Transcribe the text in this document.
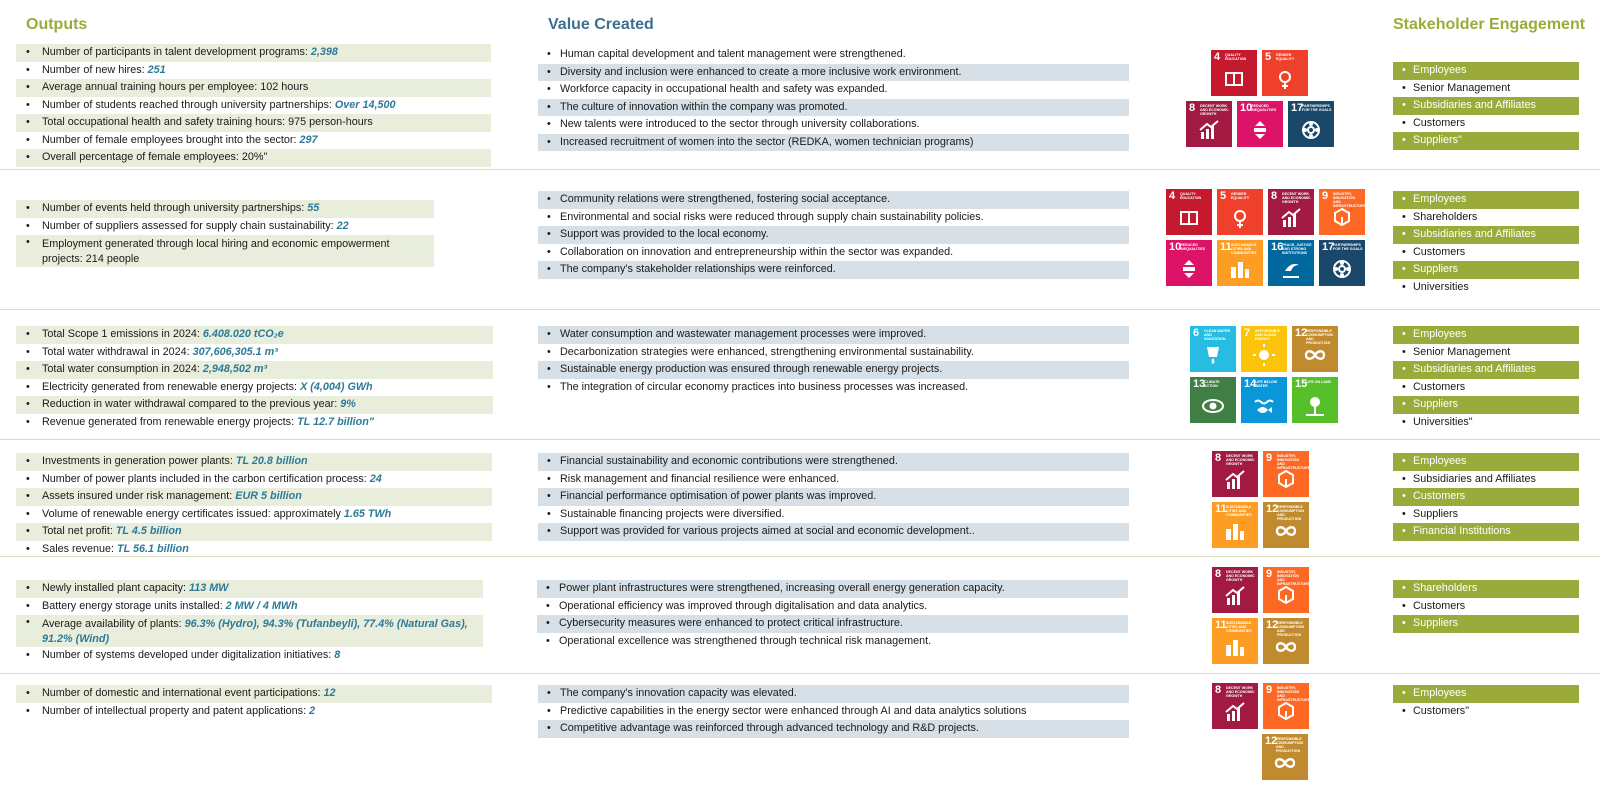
Outputs	Value Created	Stakeholder Engagement
• Number of participants in talent development programs: 2,398
• Number of new hires: 251
• Average annual training hours per employee: 102 hours
• Number of students reached through university partnerships: Over 14,500
• Total occupational health and safety training hours: 975 person-hours
• Number of female employees brought into the sector: 297
• Overall percentage of female employees: 20%"
• Human capital development and talent management were strengthened.
• Diversity and inclusion were enhanced to create a more inclusive work environment.
• Workforce capacity in occupational health and safety was expanded.
• The culture of innovation within the company was promoted.
• New talents were introduced to the sector through university collaborations.
• Increased recruitment of women into the sector (REDKA, women technician programs)
4	QUALITY EDUCATION	5	GENDER EQUALITY
8	DECENT WORK AND ECONOMIC GROWTH	10
REDUCED INEQUALITIES	17
PARTNERSHIPS FOR THE GOALS
• Employees
• Senior Management
• Subsidiaries and Affiliates
• Customers
• Suppliers"
• Number of events held through university partnerships: 55
• Number of suppliers assessed for supply chain sustainability: 22
• Employment generated through local hiring and economic empowerment projects: 214 people
• Community relations were strengthened, fostering social acceptance.
• Environmental and social risks were reduced through supply chain sustainability policies.
• Support was provided to the local economy.
• Collaboration on innovation and entrepreneurship within the sector was expanded.
• The company's stakeholder relationships were reinforced.
4	QUALITY EDUCATION	5	GENDER EQUALITY	8	DECENT WORK AND ECONOMIC GROWTH	9	INDUSTRY, INNOVATION AND INFRASTRUCTURE
10
REDUCED INEQUALITIES	11 SUSTAINABLE CITIES AND COMMUNITIES	16
PEACE, JUSTICE AND STRONG INSTITUTIONS	17
PARTNERSHIPS FOR THE GOALS
• Employees
• Shareholders
• Subsidiaries and Affiliates
• Customers
• Suppliers
• Universities
• Total Scope 1 emissions in 2024: 6.408.020 tCO₂e
• Total water withdrawal in 2024: 307,606,305.1 m³
• Total water consumption in 2024: 2,948,502 m³
• Electricity generated from renewable energy projects: X (4,004) GWh
• Reduction in water withdrawal compared to the previous year: 9%
• Revenue generated from renewable energy projects: TL 12.7 billion"
• Water consumption and wastewater management processes were improved.
• Decarbonization strategies were enhanced, strengthening environmental sustainability.
• Sustainable energy production was ensured through renewable energy projects.
• The integration of circular economy practices into business processes was increased.
6	CLEAN WATER AND SANITATION	7	AFFORDABLE AND CLEAN ENERGY	12
RESPONSIBLE CONSUMPTION AND PRODUCTION
13
CLIMATE ACTION	14
LIFE BELOW WATER	15
LIFE ON LAND
• Employees
• Senior Management
• Subsidiaries and Affiliates
• Customers
• Suppliers
• Universities"
• Investments in generation power plants: TL 20.8 billion
• Number of power plants included in the carbon certification process: 24
• Assets insured under risk management: EUR 5 billion
• Volume of renewable energy certificates issued: approximately 1.65 TWh
• Total net profit: TL 4.5 billion
• Sales revenue: TL 56.1 billion
• Financial sustainability and economic contributions were strengthened.
• Risk management and financial resilience were enhanced.
• Financial performance optimisation of power plants was improved.
• Sustainable financing projects were diversified.
• Support was provided for various projects aimed at social and economic development..
8	DECENT WORK AND ECONOMIC GROWTH	9	INDUSTRY, INNOVATION AND INFRASTRUCTURE
11 SUSTAINABLE CITIES AND COMMUNITIES	12
RESPONSIBLE CONSUMPTION AND PRODUCTION
• Employees
• Subsidiaries and Affiliates
• Customers
• Suppliers
• Financial Institutions
• Newly installed plant capacity: 113 MW
• Battery energy storage units installed: 2 MW / 4 MWh
• Average availability of plants: 96.3% (Hydro), 94.3% (Tufanbeyli), 77.4% (Natural Gas), 91.2% (Wind)
• Number of systems developed under digitalization initiatives: 8
• Power plant infrastructures were strengthened, increasing overall energy generation capacity.
• Operational efficiency was improved through digitalisation and data analytics.
• Cybersecurity measures were enhanced to protect critical infrastructure.
• Operational excellence was strengthened through technical risk management.
8	DECENT WORK AND ECONOMIC GROWTH	9	INDUSTRY, INNOVATION AND INFRASTRUCTURE
11 SUSTAINABLE CITIES AND COMMUNITIES	12
RESPONSIBLE CONSUMPTION AND PRODUCTION
• Shareholders
• Customers
• Suppliers
• Number of domestic and international event participations: 12
• Number of intellectual property and patent applications: 2
• The company's innovation capacity was elevated.
• Predictive capabilities in the energy sector were enhanced through AI and data analytics solutions
• Competitive advantage was reinforced through advanced technology and R&D projects.
8	DECENT WORK AND ECONOMIC GROWTH	9	INDUSTRY, INNOVATION AND INFRASTRUCTURE
12
RESPONSIBLE CONSUMPTION AND PRODUCTION
• Employees
• Customers"
